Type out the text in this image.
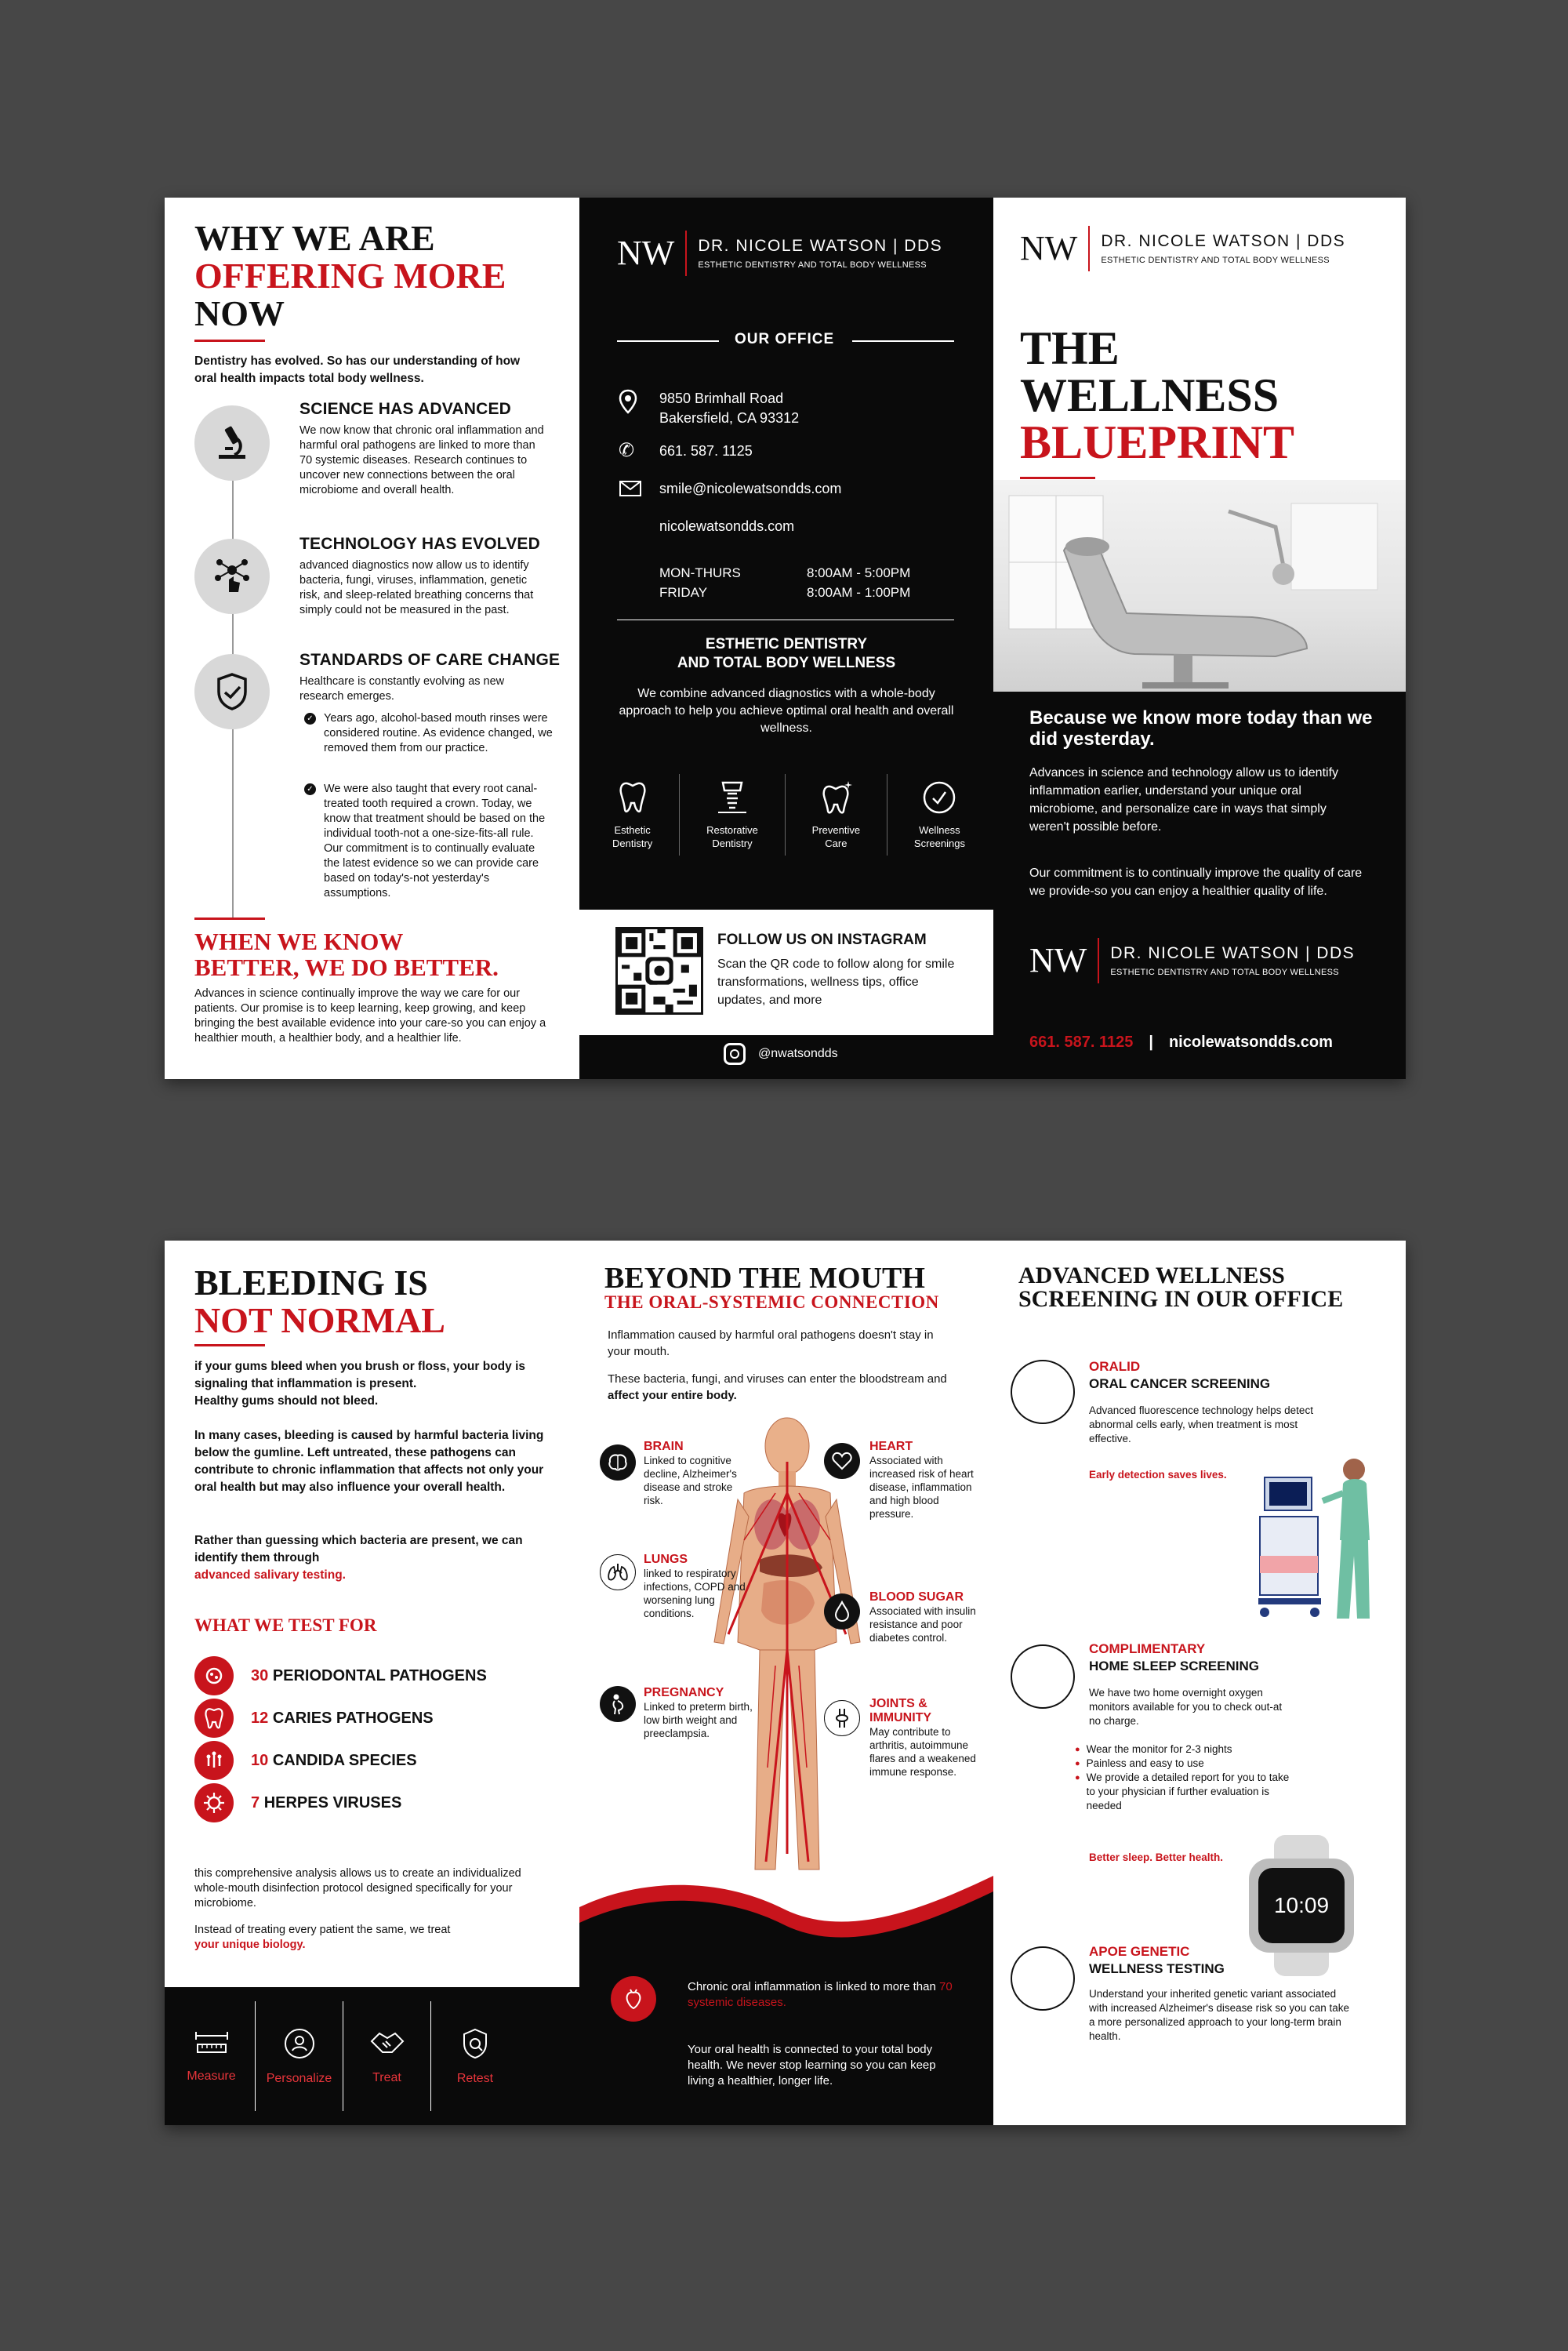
WHY WE ARE
OFFERING MORE
NOW
Dentistry has evolved. So has our understanding of how oral health impacts total body wellness.
SCIENCE HAS ADVANCED
We now know that chronic oral inflammation and harmful oral pathogens are linked to more than 70 systemic diseases. Research continues to uncover new connections between the oral microbiome and overall health.
TECHNOLOGY HAS EVOLVED
advanced diagnostics now allow us to identify bacteria, fungi, viruses, inflammation, genetic risk, and sleep-related breathing concerns that simply could not be measured in the past.
STANDARDS OF CARE CHANGE
Healthcare is constantly evolving as new research emerges.
✓ Years ago, alcohol-based mouth rinses were considered routine. As evidence changed, we removed them from our practice.
✓ We were also taught that every root canal-treated tooth required a crown. Today, we know that treatment should be based on the individual tooth-not a one-size-fits-all rule. Our commitment is to continually evaluate the latest evidence so we can provide care based on today's-not yesterday's assumptions.
WHEN WE KNOW
BETTER, WE DO BETTER.
Advances in science continually improve the way we care for our patients. Our promise is to keep learning, keep growing, and keep bringing the best available evidence into your care-so you can enjoy a healthier mouth, a healthier body, and a healthier life.
NW DR. NICOLE WATSON | DDS
ESTHETIC DENTISTRY AND TOTAL BODY WELLNESS
OUR OFFICE
9850 Brimhall Road
Bakersfield, CA 93312
✆ 661. 587. 1125
smile@nicolewatsondds.com
nicolewatsondds.com
MON-THURS
FRIDAY
8:00AM - 5:00PM
8:00AM - 1:00PM
ESTHETIC DENTISTRY
AND TOTAL BODY WELLNESS
We combine advanced diagnostics with a whole-body approach to help you achieve optimal oral health and overall wellness.
Esthetic
Dentistry
Restorative
Dentistry
Preventive
Care
Wellness
Screenings
FOLLOW US ON INSTAGRAM
Scan the QR code to follow along for smile transformations, wellness tips, office updates, and more
@nwatsondds
NW DR. NICOLE WATSON | DDS
ESTHETIC DENTISTRY AND TOTAL BODY WELLNESS
THE
WELLNESS
BLUEPRINT
Because we know more today than we did yesterday.
Advances in science and technology allow us to identify inflammation earlier, understand your unique oral microbiome, and personalize care in ways that simply weren't possible before.
Our commitment is to continually improve the quality of care we provide-so you can enjoy a healthier quality of life.
NW DR. NICOLE WATSON | DDS
ESTHETIC DENTISTRY AND TOTAL BODY WELLNESS
661. 587. 1125 | nicolewatsondds.com
BLEEDING IS
NOT NORMAL
if your gums bleed when you brush or floss, your body is signaling that inflammation is present.
Healthy gums should not bleed.
In many cases, bleeding is caused by harmful bacteria living below the gumline. Left untreated, these pathogens can contribute to chronic inflammation that affects not only your oral health but may also influence your overall health.
Rather than guessing which bacteria are present, we can identify them through
advanced salivary testing.
WHAT WE TEST FOR
30 PERIODONTAL PATHOGENS
12 CARIES PATHOGENS
10 CANDIDA SPECIES
7 HERPES VIRUSES
this comprehensive analysis allows us to create an individualized whole-mouth disinfection protocol designed specifically for your microbiome.
Instead of treating every patient the same, we treat
your unique biology.
Measure Personalize	Treat	Retest
BEYOND THE MOUTH
THE ORAL-SYSTEMIC CONNECTION
Inflammation caused by harmful oral pathogens doesn't stay in your mouth.
These bacteria, fungi, and viruses can enter the bloodstream and affect your entire body.
BRAIN
Linked to cognitive decline, Alzheimer's disease and stroke risk.
LUNGS
linked to respiratory infections, COPD and worsening lung conditions.
PREGNANCY
Linked to preterm birth, low birth weight and preeclampsia.
HEART
Associated with increased risk of heart disease, inflammation and high blood pressure.
BLOOD SUGAR
Associated with insulin resistance and poor diabetes control.
JOINTS & IMMUNITY
May contribute to arthritis, autoimmune flares and a weakened immune response.
Chronic oral inflammation is linked to more than 70 systemic diseases.
Your oral health is connected to your total body health. We never stop learning so you can keep living a healthier, longer life.
ADVANCED WELLNESS
SCREENING IN OUR OFFICE
ORALID
ORAL CANCER SCREENING
Advanced fluorescence technology helps detect abnormal cells early, when treatment is most effective.
Early detection saves lives.
COMPLIMENTARY
HOME SLEEP SCREENING
We have two home overnight oxygen monitors available for you to check out-at no charge.
● Wear the monitor for 2-3 nights
● Painless and easy to use
● We provide a detailed report for you to take to your physician if further evaluation is needed
Better sleep. Better health.
10:09
APOE GENETIC
WELLNESS TESTING
Understand your inherited genetic variant associated with increased Alzheimer's disease risk so you can take a more personalized approach to your long-term brain health.
